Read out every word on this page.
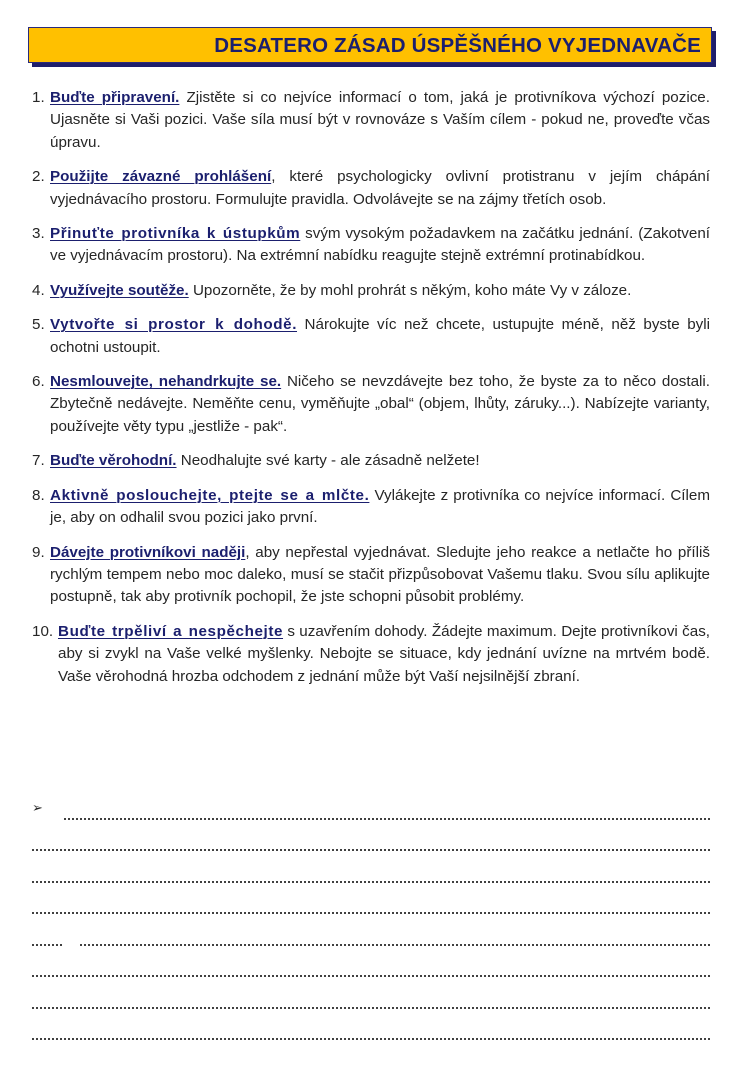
DESATERO ZÁSAD ÚSPĚŠNÉHO VYJEDNAVAČE
1. Buďte připravení. Zjistěte si co nejvíce informací o tom, jaká je protivníkova výchozí pozice. Ujasněte si Vaši pozici. Vaše síla musí být v rovnováze s Vaším cílem - pokud ne, proveďte včas úpravu.
2. Použijte závazné prohlášení, které psychologicky ovlivní protistranu v jejím chápání vyjednávacího prostoru. Formulujte pravidla. Odvolávejte se na zájmy třetích osob.
3. Přinuťte protivníka k ústupkům svým vysokým požadavkem na začátku jednání. (Zakotvení ve vyjednávacím prostoru). Na extrémní nabídku reagujte stejně extrémní protinabídkou.
4. Využívejte soutěže. Upozorněte, že by mohl prohrát s někým, koho máte Vy v záloze.
5. Vytvořte si prostor k dohodě. Nárokujte víc než chcete, ustupujte méně, něž byste byli ochotni ustoupit.
6. Nesmlouvejte, nehandrkujte se. Ničeho se nevzdávejte bez toho, že byste za to něco dostali. Zbytečně nedávejte. Neměňte cenu, vyměňujte „obal“ (objem, lhůty, záruky...). Nabízejte varianty, používejte věty typu „jestliže - pak“.
7. Buďte věrohodní. Neodhalujte své karty - ale zásadně nelžete!
8. Aktivně poslouchejte, ptejte se a mlčte. Vylákejte z protivníka co nejvíce informací. Cílem je, aby on odhalil svou pozici jako první.
9. Dávejte protivníkovi naději, aby nepřestal vyjednávat. Sledujte jeho reakce a netlačte ho příliš rychlým tempem nebo moc daleko, musí se stačit přizpůsobovat Vašemu tlaku. Svou sílu aplikujte postupně, tak aby protivník pochopil, že jste schopni působit problémy.
10. Buďte trpěliví a nespěchejte s uzavřením dohody. Žádejte maximum. Dejte protivníkovi čas, aby si zvykl na Vaše velké myšlenky. Nebojte se situace, kdy jednání uvízne na mrtvém bodě. Vaše věrohodná hrozba odchodem z jednání může být Vaší nejsilnější zbraní.
➢
